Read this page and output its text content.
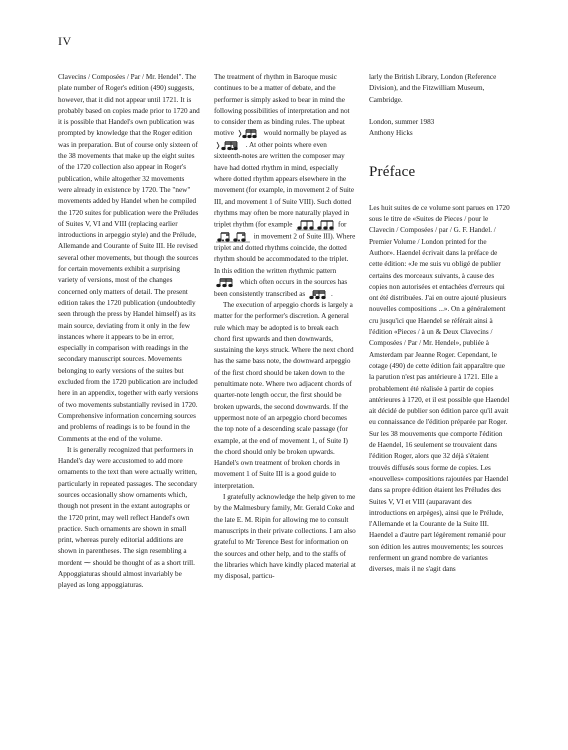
IV

Clavecins / Composées / Par / Mr. Hendel". The plate number of Roger's edition (490) suggests, however, that it did not appear until 1721. It is probably based on copies made prior to 1720 and it is possible that Handel's own publication was prompted by knowledge that the Roger edition was in preparation. But of course only sixteen of the 38 movements that make up the eight suites of the 1720 collection also appear in Roger's publication, while altogether 32 movements were already in existence by 1720. The "new" movements added by Handel when he compiled the 1720 suites for publication were the Préludes of Suites V, VI and VIII (replacing earlier introductions in arpeggio style) and the Prélude, Allemande and Courante of Suite III. He revised several other movements, but though the sources for certain movements exhibit a surprising variety of versions, most of the changes concerned only matters of detail. The present edition takes the 1720 publication (undoubtedly seen through the press by Handel himself) as its main source, deviating from it only in the few instances where it appears to be in error, especially in comparison with readings in the secondary manuscript sources. Movements belonging to early versions of the suites but excluded from the 1720 publication are included here in an appendix, together with early versions of two movements substantially revised in 1720. Comprehensive information concerning sources and problems of readings is to be found in the Comments at the end of the volume.

It is generally recognized that performers in Handel's day were accustomed to add more ornaments to the text than were actually written, particularly in repeated passages. The secondary sources occasionally show ornaments which, though not present in the extant autographs or the 1720 print, may well reflect Handel's own practice. Such ornaments are shown in small print, whereas purely editorial additions are shown in parentheses. The sign resembling a mordent ⁓ should be thought of as a short trill. Appoggiaturas should almost invariably be played as long appoggiaturas.

The treatment of rhythm in Baroque music continues to be a matter of debate, and the performer is simply asked to bear in mind the following possibilities of interpretation and not to consider them as binding rules. The upbeat motive	would normally be played as
. At other points where even sixteenth-notes are written the composer may have had dotted rhythm in mind, especially where dotted rhythm appears elsewhere in the movement (for example, in movement 2 of Suite III, and movement 1 of Suite VIII). Such dotted rhythms may often be more naturally played in triplet rhythm (for example	for
in movement 2 of Suite III). Where triplet and dotted rhythms coincide, the dotted rhythm should be accommodated to the triplet. In this edition the written rhythmic pattern
which often occurs in the sources has been consistently transcribed as	.

The execution of arpeggio chords is largely a matter for the performer's discretion. A general rule which may be adopted is to break each chord first upwards and then downwards, sustaining the keys struck. Where the next chord has the same bass note, the downward arpeggio of the first chord should be taken down to the penultimate note. Where two adjacent chords of quarter-note length occur, the first should be broken upwards, the second downwards. If the uppermost note of an arpeggio chord becomes the top note of a descending scale passage (for example, at the end of movement 1, of Suite I) the chord should only be broken upwards. Handel's own treatment of broken chords in movement 1 of Suite III is a good guide to interpretation.

I gratefully acknowledge the help given to me by the Malmesbury family, Mr. Gerald Coke and the late E. M. Ripin for allowing me to consult manuscripts in their private collections. I am also grateful to Mr Terence Best for information on the sources and other help, and to the staffs of the libraries which have kindly placed material at my disposal, particu-

larly the British Library, London (Reference Division), and the Fitzwilliam Museum, Cambridge.

London, summer 1983

Anthony Hicks

Préface

Les huit suites de ce volume sont parues en 1720 sous le titre de «Suites de Pieces / pour le Clavecin / Composées / par / G. F. Handel. / Premier Volume / London printed for the Author». Haendel écrivait dans la préface de cette édition: «Je me suis vu obligé de publier certains des morceaux suivants, à cause des copies non autorisées et entachées d'erreurs qui ont été distribuées. J'ai en outre ajouté plusieurs nouvelles compositions ...». On a généralement cru jusqu'ici que Haendel se référait ainsi à l'édition «Pieces / à un & Deux Clavecins / Composées / Par / Mr. Hendel», publiée à Amsterdam par Jeanne Roger. Cependant, le cotage (490) de cette édition fait apparaître que la parution n'est pas antérieure à 1721. Elle a probablement été réalisée à partir de copies antérieures à 1720, et il est possible que Haendel ait décidé de publier son édition parce qu'il avait eu connaissance de l'édition préparée par Roger. Sur les 38 mouvements que comporte l'édition de Haendel, 16 seulement se trouvaient dans l'édition Roger, alors que 32 déjà s'étaient trouvés diffusés sous forme de copies. Les «nouvelles» compositions rajoutées par Haendel dans sa propre édition étaient les Préludes des Suites V, VI et VIII (auparavant des introductions en arpèges), ainsi que le Prélude, l'Allemande et la Courante de la Suite III. Haendel a d'autre part légèrement remanié pour son édition les autres mouvements; les sources renferment un grand nombre de variantes diverses, mais il ne s'agit dans
